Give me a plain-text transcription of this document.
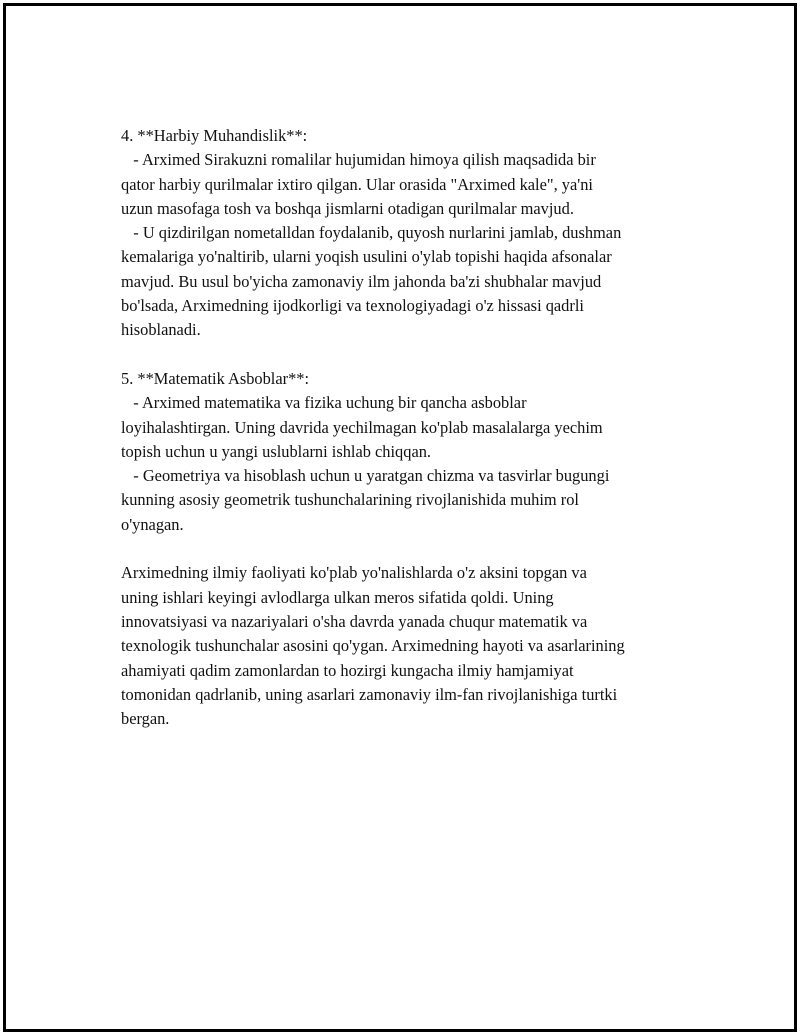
4. **Harbiy Muhandislik**:
- Arximed Sirakuzni romalilar hujumidan himoya qilish maqsadida bir
qator harbiy qurilmalar ixtiro qilgan. Ular orasida "Arximed kale", ya'ni
uzun masofaga tosh va boshqa jismlarni otadigan qurilmalar mavjud.
- U qizdirilgan nometalldan foydalanib, quyosh nurlarini jamlab, dushman
kemalariga yo'naltirib, ularni yoqish usulini o'ylab topishi haqida afsonalar
mavjud. Bu usul bo'yicha zamonaviy ilm jahonda ba'zi shubhalar mavjud
bo'lsada, Arximedning ijodkorligi va texnologiyadagi o'z hissasi qadrli
hisoblanadi.
5. **Matematik Asboblar**:
- Arximed matematika va fizika uchung bir qancha asboblar
loyihalashtirgan. Uning davrida yechilmagan ko'plab masalalarga yechim
topish uchun u yangi uslublarni ishlab chiqqan.
- Geometriya va hisoblash uchun u yaratgan chizma va tasvirlar bugungi
kunning asosiy geometrik tushunchalarining rivojlanishida muhim rol
o'ynagan.
Arximedning ilmiy faoliyati ko'plab yo'nalishlarda o'z aksini topgan va
uning ishlari keyingi avlodlarga ulkan meros sifatida qoldi. Uning
innovatsiyasi va nazariyalari o'sha davrda yanada chuqur matematik va
texnologik tushunchalar asosini qo'ygan. Arximedning hayoti va asarlarining
ahamiyati qadim zamonlardan to hozirgi kungacha ilmiy hamjamiyat
tomonidan qadrlanib, uning asarlari zamonaviy ilm-fan rivojlanishiga turtki
bergan.
